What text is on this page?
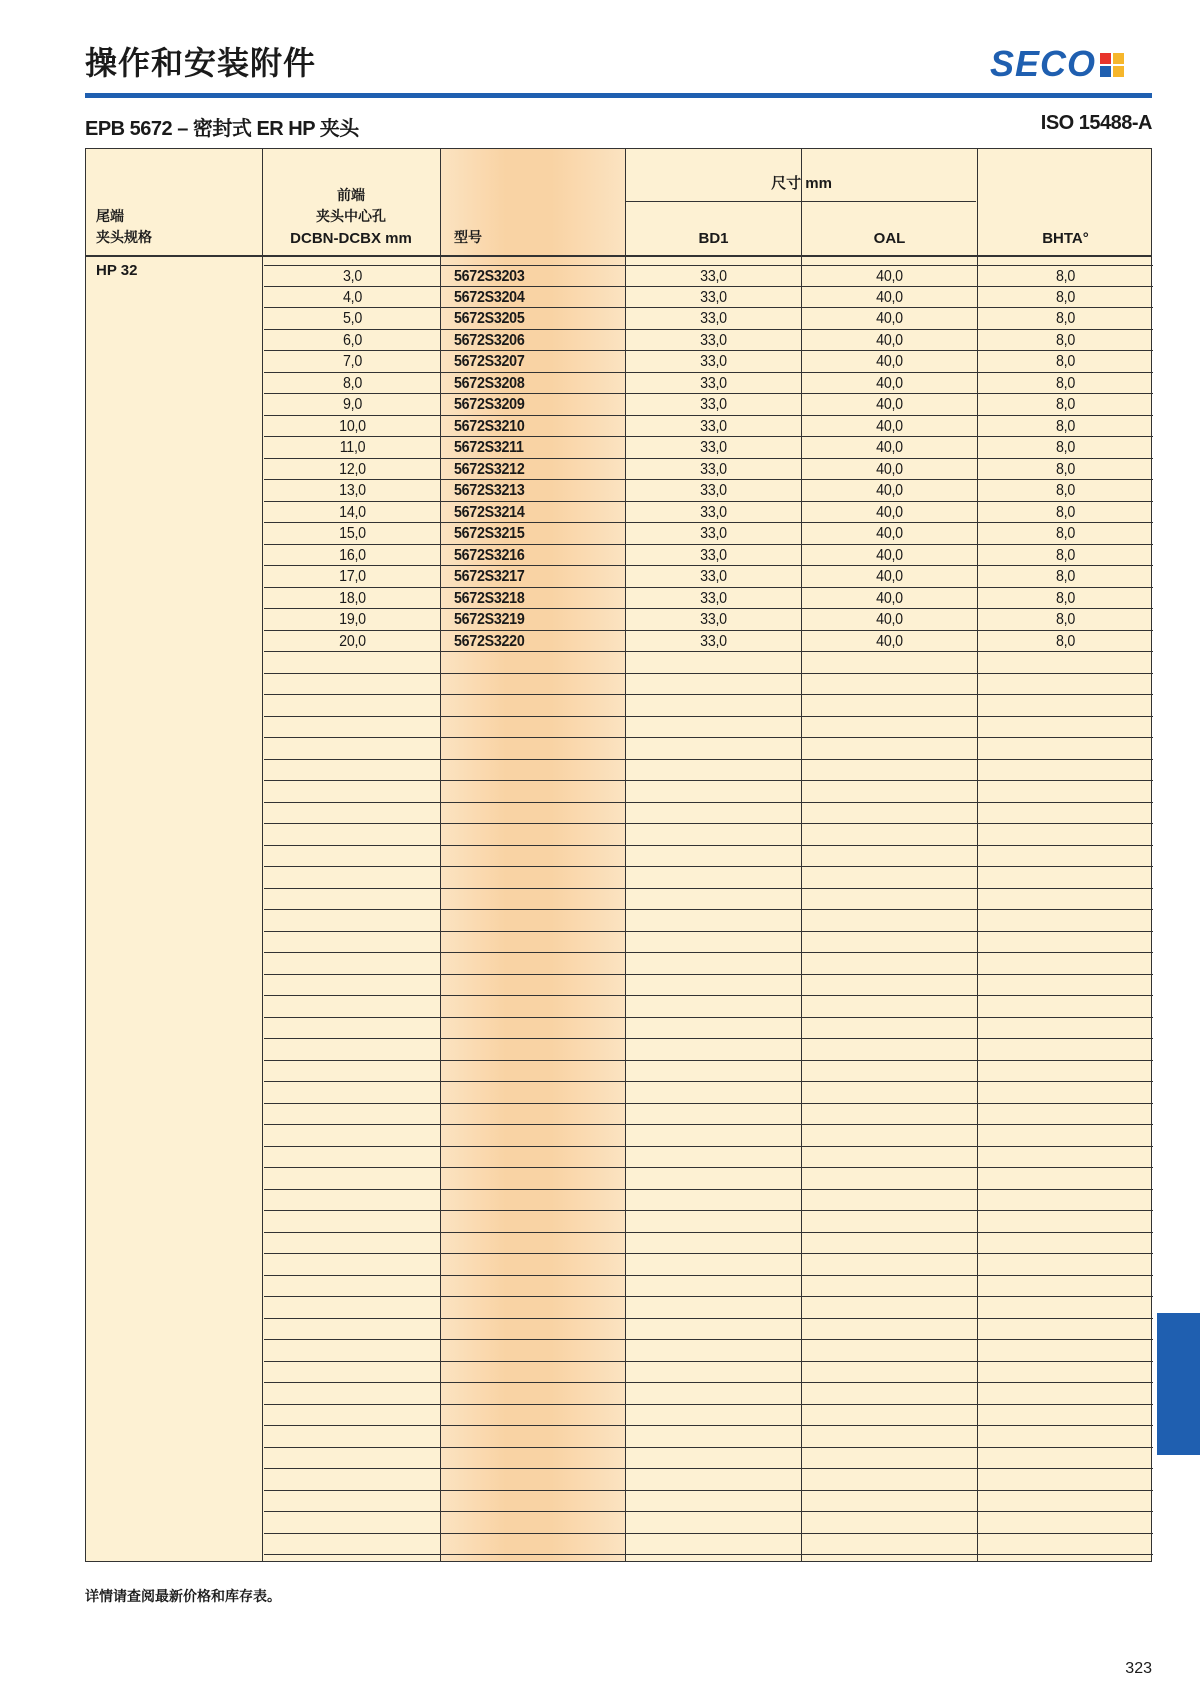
操作和安装附件	SECO
EPB 5672 – 密封式 ER HP 夹头	ISO 15488-A
尾端
夹头规格
前端
夹头中心孔
DCBN-DCBX mm	型号
尺寸 mm
BD1	OAL	BHTA°
HP 32	3,0	5672S3203	33,0	40,0	8,0
4,0	5672S3204	33,0	40,0	8,0
5,0	5672S3205	33,0	40,0	8,0
6,0	5672S3206	33,0	40,0	8,0
7,0	5672S3207	33,0	40,0	8,0
8,0	5672S3208	33,0	40,0	8,0
9,0	5672S3209	33,0	40,0	8,0
10,0	5672S3210	33,0	40,0	8,0
11,0	5672S3211	33,0	40,0	8,0
12,0	5672S3212	33,0	40,0	8,0
13,0	5672S3213	33,0	40,0	8,0
14,0	5672S3214	33,0	40,0	8,0
15,0	5672S3215	33,0	40,0	8,0
16,0	5672S3216	33,0	40,0	8,0
17,0	5672S3217	33,0	40,0	8,0
18,0	5672S3218	33,0	40,0	8,0
19,0	5672S3219	33,0	40,0	8,0
20,0	5672S3220	33,0	40,0	8,0
详情请查阅最新价格和库存表。
323
